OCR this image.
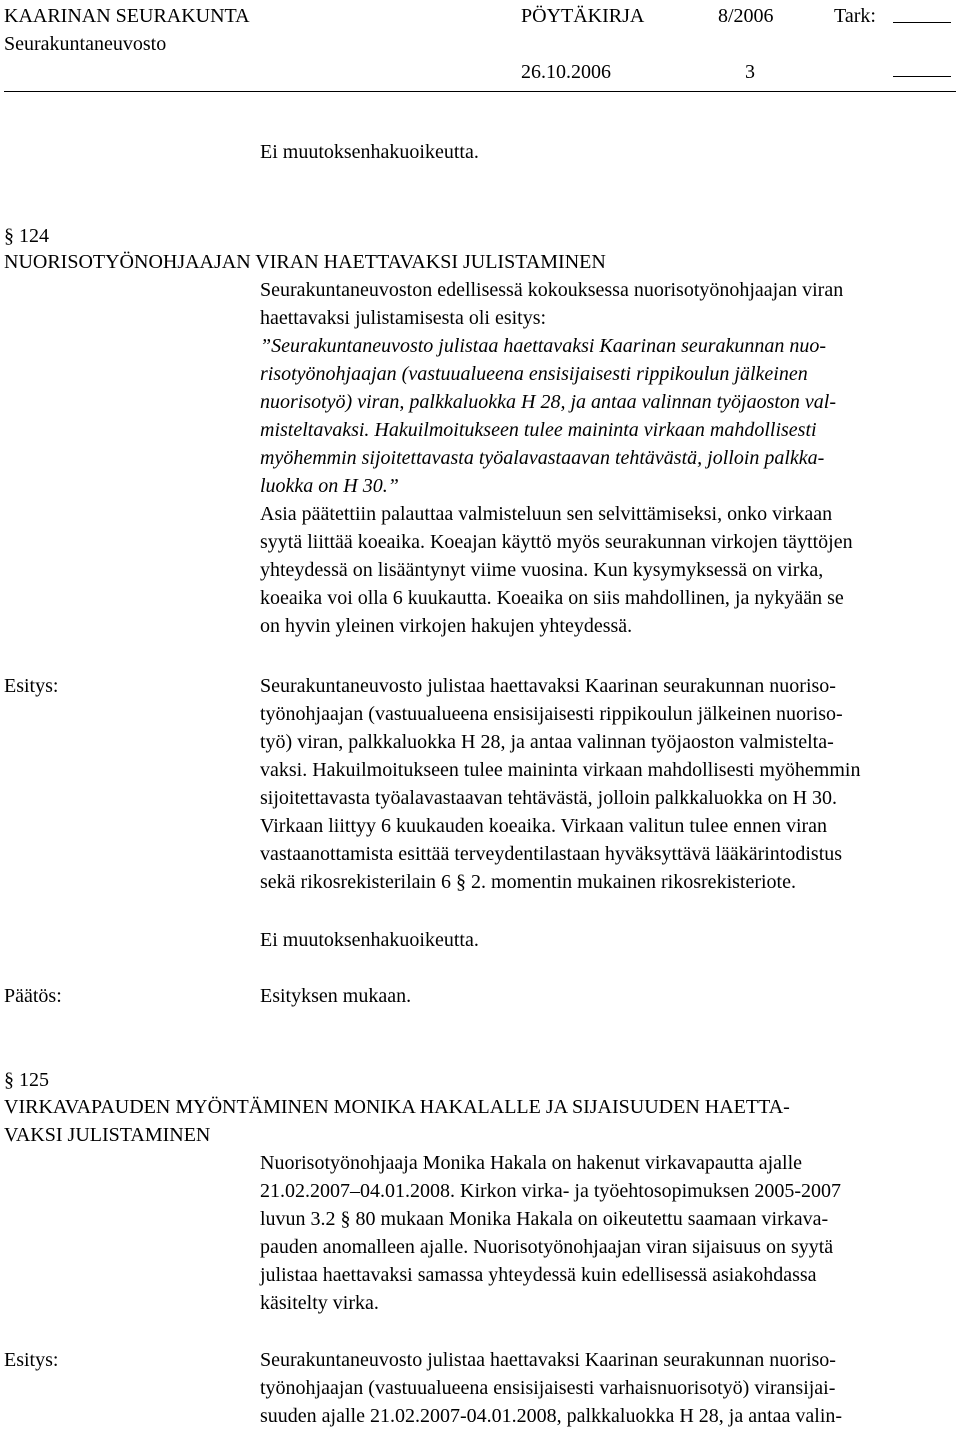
KAARINAN SEURAKUNTA	PÖYTÄKIRJA	8/2006	Tark:
Seurakuntaneuvosto
26.10.2006	3
Ei muutoksenhakuoikeutta.
§ 124
NUORISOTYÖNOHJAAJAN VIRAN HAETTAVAKSI JULISTAMINEN
Seurakuntaneuvoston edellisessä kokouksessa nuorisotyönohjaajan viran
haettavaksi julistamisesta oli esitys:
”Seurakuntaneuvosto julistaa haettavaksi Kaarinan seurakunnan nuo-
risotyönohjaajan (vastuualueena ensisijaisesti rippikoulun jälkeinen
nuorisotyö) viran, palkkaluokka H 28, ja antaa valinnan työjaoston val-
misteltavaksi. Hakuilmoitukseen tulee maininta virkaan mahdollisesti
myöhemmin sijoitettavasta työalavastaavan tehtävästä, jolloin palkka-
luokka on H 30.”
Asia päätettiin palauttaa valmisteluun sen selvittämiseksi, onko virkaan
syytä liittää koeaika. Koeajan käyttö myös seurakunnan virkojen täyttöjen
yhteydessä on lisääntynyt viime vuosina. Kun kysymyksessä on virka,
koeaika voi olla 6 kuukautta. Koeaika on siis mahdollinen, ja nykyään se
on hyvin yleinen virkojen hakujen yhteydessä.
Esitys:	Seurakuntaneuvosto julistaa haettavaksi Kaarinan seurakunnan nuoriso-
työnohjaajan (vastuualueena ensisijaisesti rippikoulun jälkeinen nuoriso-
työ) viran, palkkaluokka H 28, ja antaa valinnan työjaoston valmistelta-
vaksi. Hakuilmoitukseen tulee maininta virkaan mahdollisesti myöhemmin
sijoitettavasta työalavastaavan tehtävästä, jolloin palkkaluokka on H 30.
Virkaan liittyy 6 kuukauden koeaika. Virkaan valitun tulee ennen viran
vastaanottamista esittää terveydentilastaan hyväksyttävä lääkärintodistus
sekä rikosrekisterilain 6 § 2. momentin mukainen rikosrekisteriote.
Ei muutoksenhakuoikeutta.
Päätös:	Esityksen mukaan.
§ 125
VIRKAVAPAUDEN MYÖNTÄMINEN MONIKA HAKALALLE JA SIJAISUUDEN HAETTA-
VAKSI JULISTAMINEN
Nuorisotyönohjaaja Monika Hakala on hakenut virkavapautta ajalle
21.02.2007–04.01.2008. Kirkon virka- ja työehtosopimuksen 2005-2007
luvun 3.2 § 80 mukaan Monika Hakala on oikeutettu saamaan virkava-
pauden anomalleen ajalle. Nuorisotyönohjaajan viran sijaisuus on syytä
julistaa haettavaksi samassa yhteydessä kuin edellisessä asiakohdassa
käsitelty virka.
Esitys:	Seurakuntaneuvosto julistaa haettavaksi Kaarinan seurakunnan nuoriso-
työnohjaajan (vastuualueena ensisijaisesti varhaisnuorisotyö) viransijai-
suuden ajalle 21.02.2007-04.01.2008, palkkaluokka H 28, ja antaa valin-
